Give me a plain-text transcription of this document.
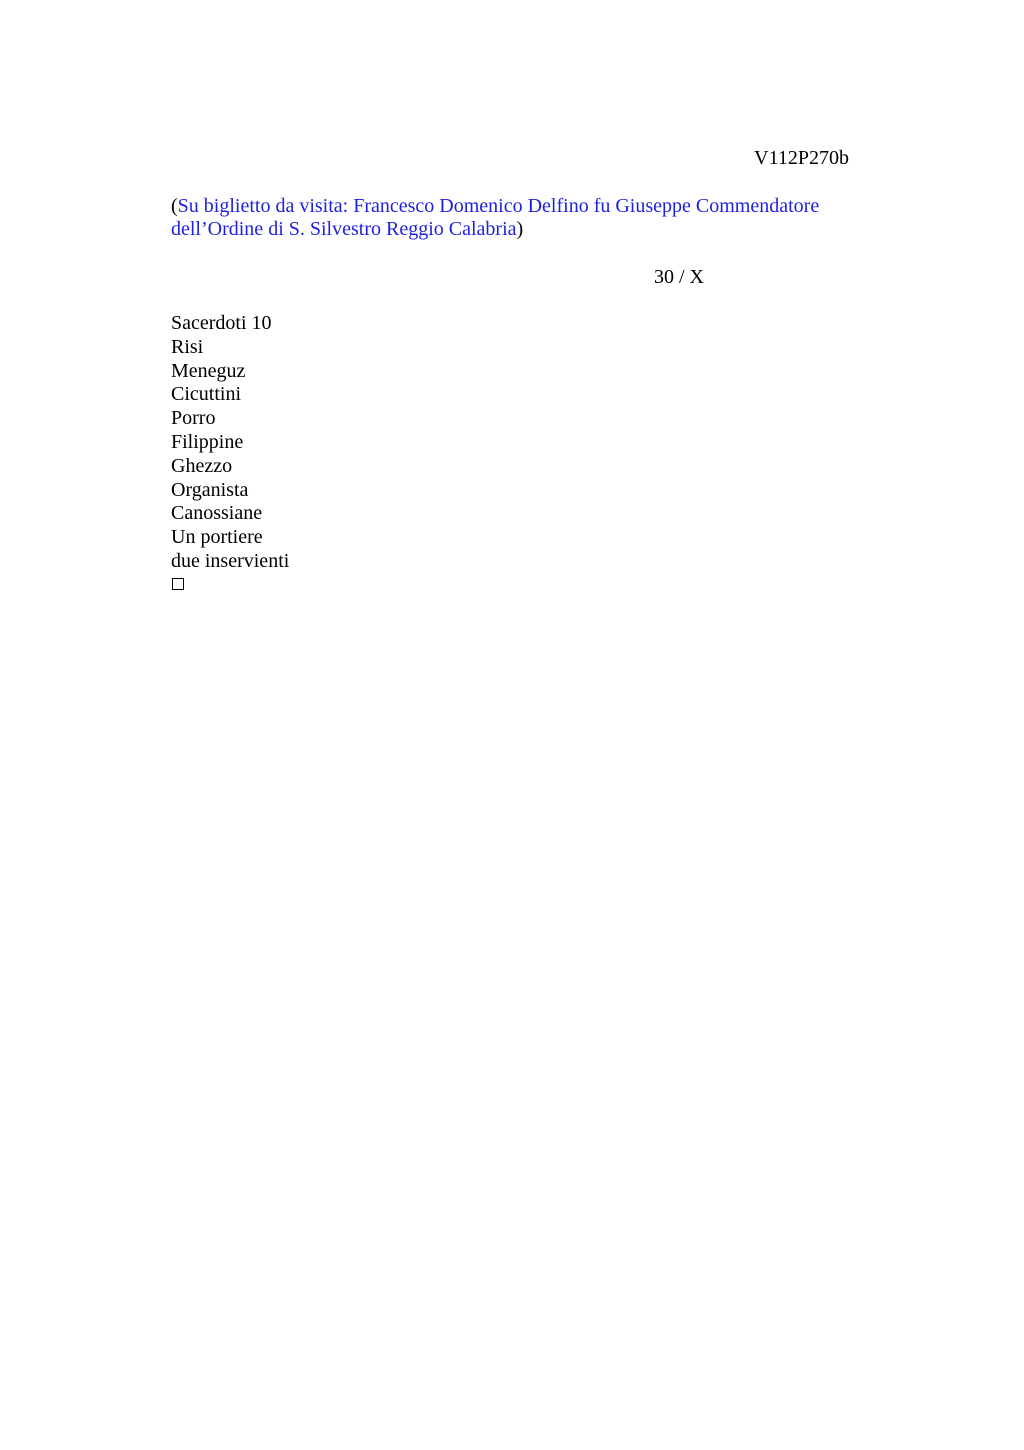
V112P270b
(Su biglietto da visita: Francesco Domenico Delfino fu Giuseppe Commendatore dell’Ordine di S. Silvestro Reggio Calabria)
30 / X
Sacerdoti 10
Risi
Meneguz
Cicuttini
Porro
Filippine
Ghezzo
Organista
Canossiane
Un portiere
due inservienti
